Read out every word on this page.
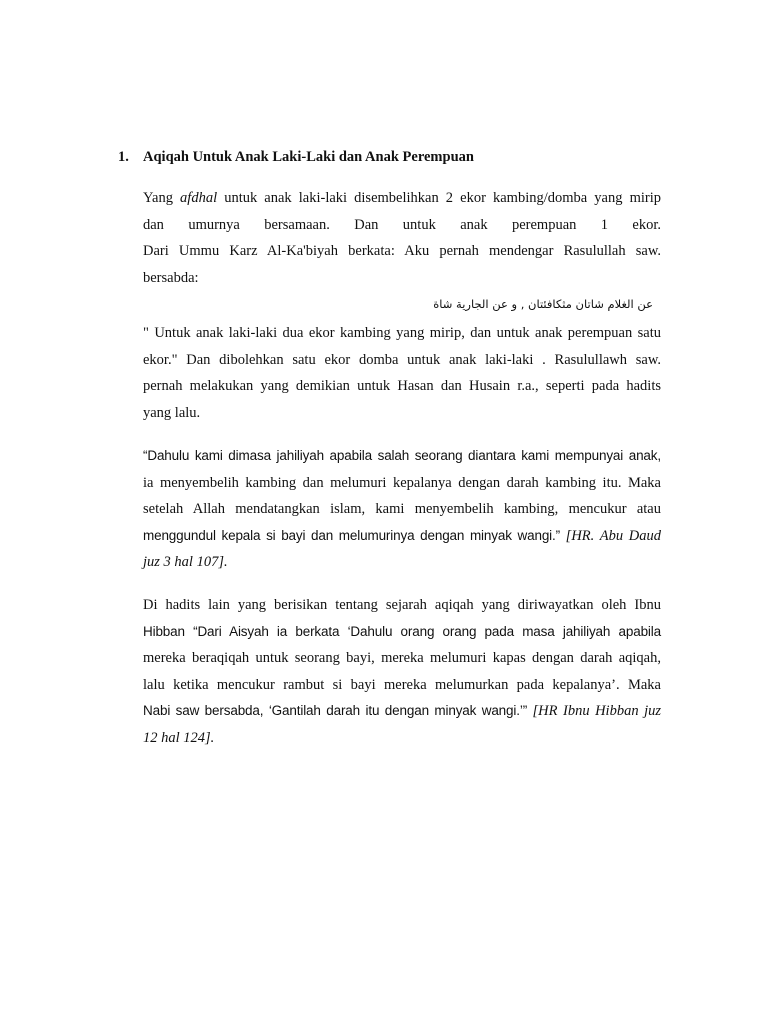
1. Aqiqah Untuk Anak Laki-Laki dan Anak Perempuan
Yang afdhal untuk anak laki-laki disembelihkan 2 ekor kambing/domba yang mirip
dan umurnya bersamaan. Dan untuk anak perempuan 1 ekor.
Dari Ummu Karz Al-Ka'biyah berkata: Aku pernah mendengar Rasulullah saw.
bersabda:
عن الغلام شاتان مثكافئتان , و عن الجارية شاة
" Untuk anak laki-laki dua ekor kambing yang mirip, dan untuk anak perempuan satu
ekor." Dan dibolehkan satu ekor domba untuk anak laki-laki . Rasulullawh saw.
pernah melakukan yang demikian untuk Hasan dan Husain r.a., seperti pada hadits
yang lalu.
“Dahulu kami dimasa jahiliyah apabila salah seorang diantara kami mempunyai anak,
ia menyembelih kambing dan melumuri kepalanya dengan darah kambing itu. Maka
setelah Allah mendatangkan islam, kami menyembelih kambing, mencukur atau
menggundul kepala si bayi dan melumurinya dengan minyak wangi.” [HR. Abu Daud
juz 3 hal 107].
Di hadits lain yang berisikan tentang sejarah aqiqah yang diriwayatkan oleh Ibnu
Hibban “Dari Aisyah ia berkata ‘Dahulu orang orang pada masa jahiliyah apabila
mereka beraqiqah untuk seorang bayi, mereka melumuri kapas dengan darah aqiqah,
lalu ketika mencukur rambut si bayi mereka melumurkan pada kepalanya’. Maka
Nabi saw bersabda, ‘Gantilah darah itu dengan minyak wangi.’” [HR Ibnu Hibban juz
12 hal 124].
